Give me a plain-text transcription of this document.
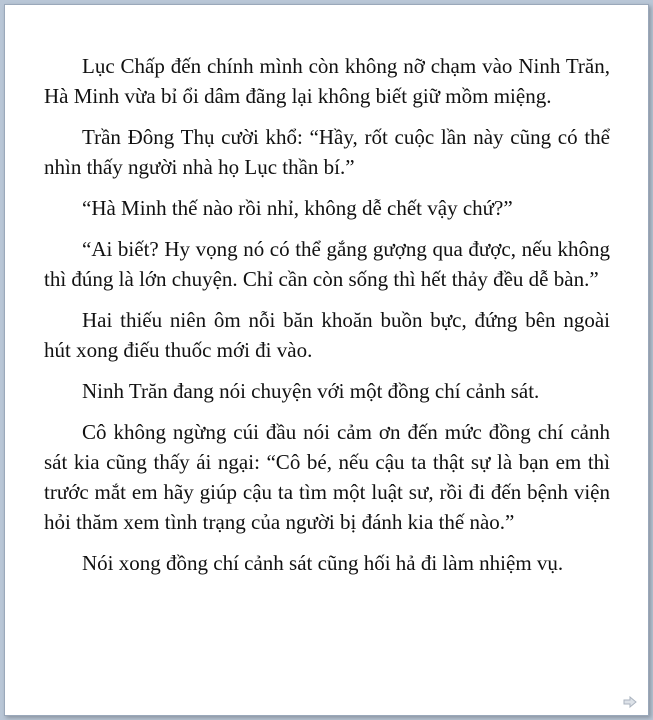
Lục Chấp đến chính mình còn không nỡ chạm vào Ninh Trăn, Hà Minh vừa bỉ ổi dâm đãng lại không biết giữ mồm miệng.

Trần Đông Thụ cười khổ: “Hầy, rốt cuộc lần này cũng có thể nhìn thấy người nhà họ Lục thần bí.”

“Hà Minh thế nào rồi nhỉ, không dễ chết vậy chứ?”

“Ai biết? Hy vọng nó có thể gắng gượng qua được, nếu không thì đúng là lớn chuyện. Chỉ cần còn sống thì hết thảy đều dễ bàn.”

Hai thiếu niên ôm nỗi băn khoăn buồn bực, đứng bên ngoài hút xong điếu thuốc mới đi vào.

Ninh Trăn đang nói chuyện với một đồng chí cảnh sát.

Cô không ngừng cúi đầu nói cảm ơn đến mức đồng chí cảnh sát kia cũng thấy ái ngại: “Cô bé, nếu cậu ta thật sự là bạn em thì trước mắt em hãy giúp cậu ta tìm một luật sư, rồi đi đến bệnh viện hỏi thăm xem tình trạng của người bị đánh kia thế nào.”

Nói xong đồng chí cảnh sát cũng hối hả đi làm nhiệm vụ.
